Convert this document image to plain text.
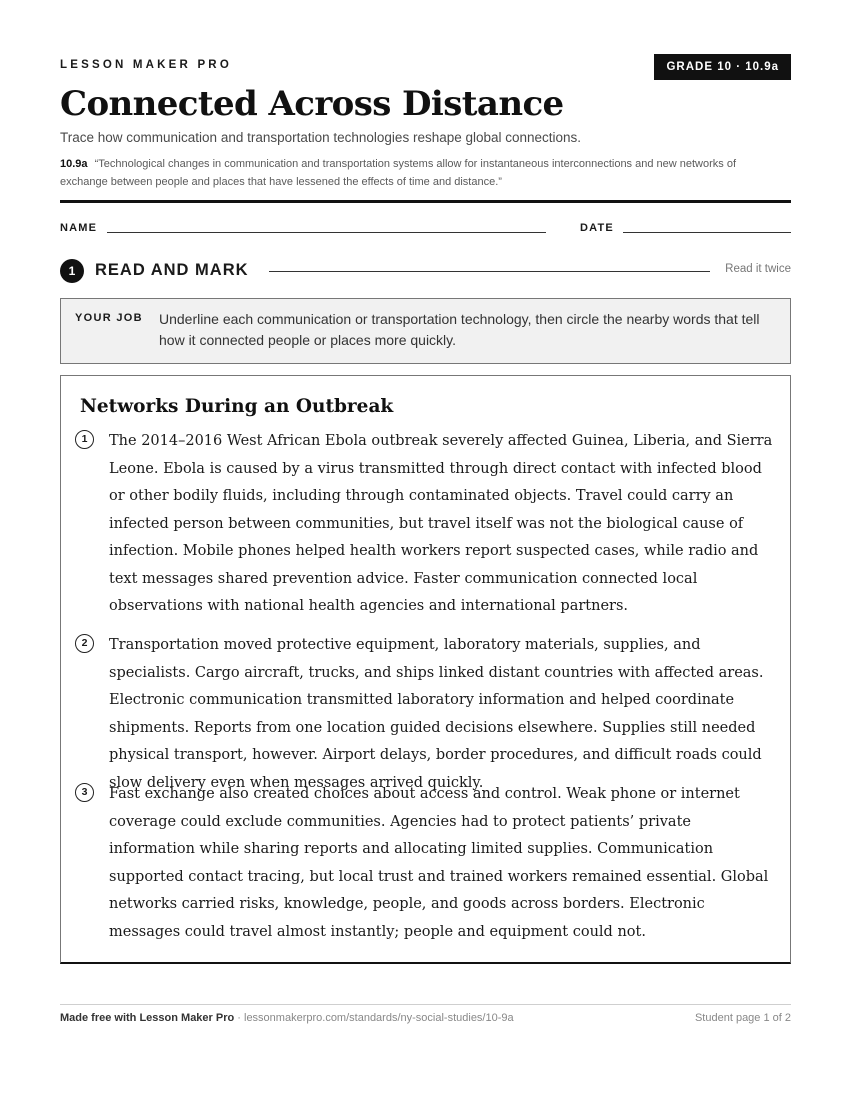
LESSON MAKER PRO	GRADE 10 · 10.9a
Connected Across Distance
Trace how communication and transportation technologies reshape global connections.
10.9a “Technological changes in communication and transportation systems allow for instantaneous interconnections and new networks of exchange between people and places that have lessened the effects of time and distance.”
NAME	DATE
1	READ AND MARK	Read it twice
YOUR JOB Underline each communication or transportation technology, then circle the nearby words that tell how it connected people or places more quickly.
Networks During an Outbreak
1	The 2014–2016 West African Ebola outbreak severely affected Guinea, Liberia, and Sierra Leone. Ebola is caused by a virus transmitted through direct contact with infected blood or other bodily fluids, including through contaminated objects. Travel could carry an infected person between communities, but travel itself was not the biological cause of infection. Mobile phones helped health workers report suspected cases, while radio and text messages shared prevention advice. Faster communication connected local observations with national health agencies and international partners.
2	Transportation moved protective equipment, laboratory materials, supplies, and specialists. Cargo aircraft, trucks, and ships linked distant countries with affected areas. Electronic communication transmitted laboratory information and helped coordinate shipments. Reports from one location guided decisions elsewhere. Supplies still needed physical transport, however. Airport delays, border procedures, and difficult roads could slow delivery even when messages arrived quickly.
3	Fast exchange also created choices about access and control. Weak phone or internet coverage could exclude communities. Agencies had to protect patients’ private information while sharing reports and allocating limited supplies. Communication supported contact tracing, but local trust and trained workers remained essential. Global networks carried risks, knowledge, people, and goods across borders. Electronic messages could travel almost instantly; people and equipment could not.
Made free with Lesson Maker Pro · lessonmakerpro.com/standards/ny-social-studies/10-9a	Student page 1 of 2
